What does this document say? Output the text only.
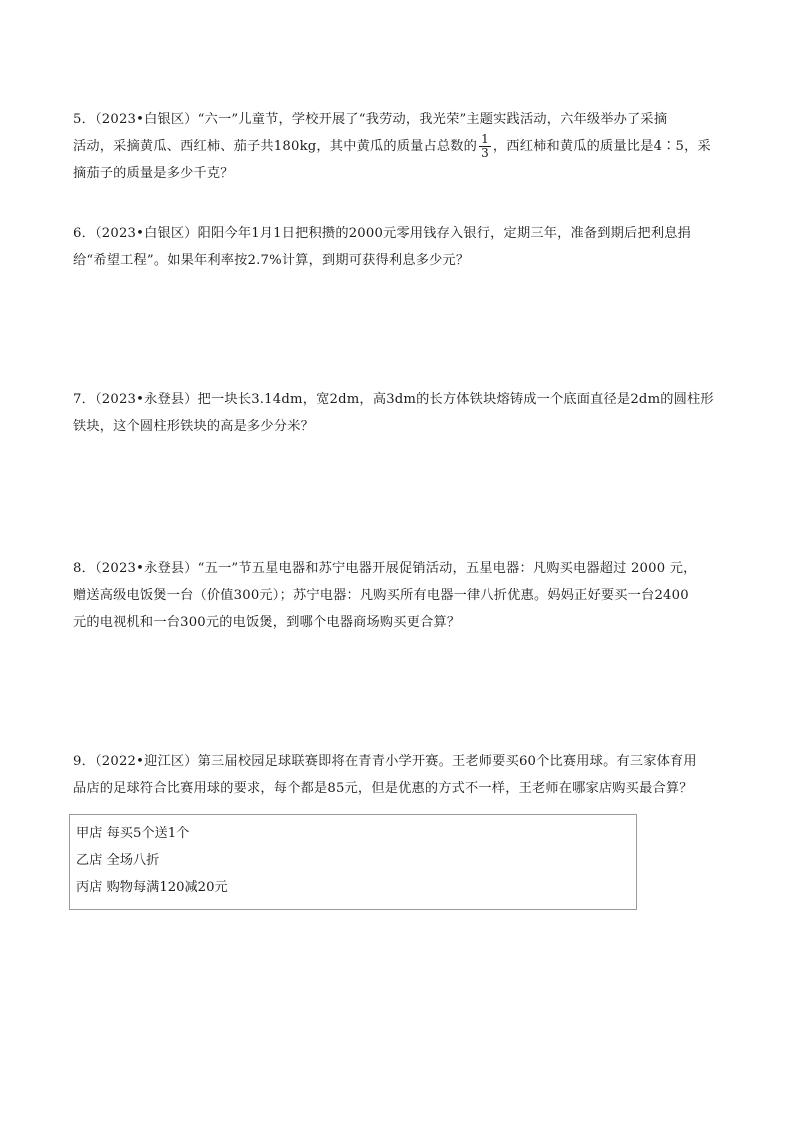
5．（2023•白银区）“六一”儿童节，学校开展了“我劳动，我光荣”主题实践活动，六年级举办了采摘

活动，采摘黄瓜、西红柿、茄子共180kg，其中黄瓜的质量占总数的 $\frac{1}{3}$ ，西红柿和黄瓜的质量比是4∶5，采

摘茄子的质量是多少千克？

6．（2023•白银区）阳阳今年1月1日把积攒的2000元零用钱存入银行，定期三年，准备到期后把利息捐

给“希望工程”。如果年利率按2.7%计算，到期可获得利息多少元？

7．（2023•永登县）把一块长3.14dm，宽2dm，高3dm的长方体铁块熔铸成一个底面直径是2dm的圆柱形

铁块，这个圆柱形铁块的高是多少分米？

8．（2023•永登县）“五一”节五星电器和苏宁电器开展促销活动，五星电器：凡购买电器超过 2000 元，

赠送高级电饭煲一台（价值300元）；苏宁电器：凡购买所有电器一律八折优惠。妈妈正好要买一台2400

元的电视机和一台300元的电饭煲，到哪个电器商场购买更合算？

9．（2022•迎江区）第三届校园足球联赛即将在青青小学开赛。王老师要买60个比赛用球。有三家体育用

品店的足球符合比赛用球的要求，每个都是85元，但是优惠的方式不一样，王老师在哪家店购买最合算？

甲店 每买5个送1个
乙店 全场八折
丙店 购物每满120减20元
